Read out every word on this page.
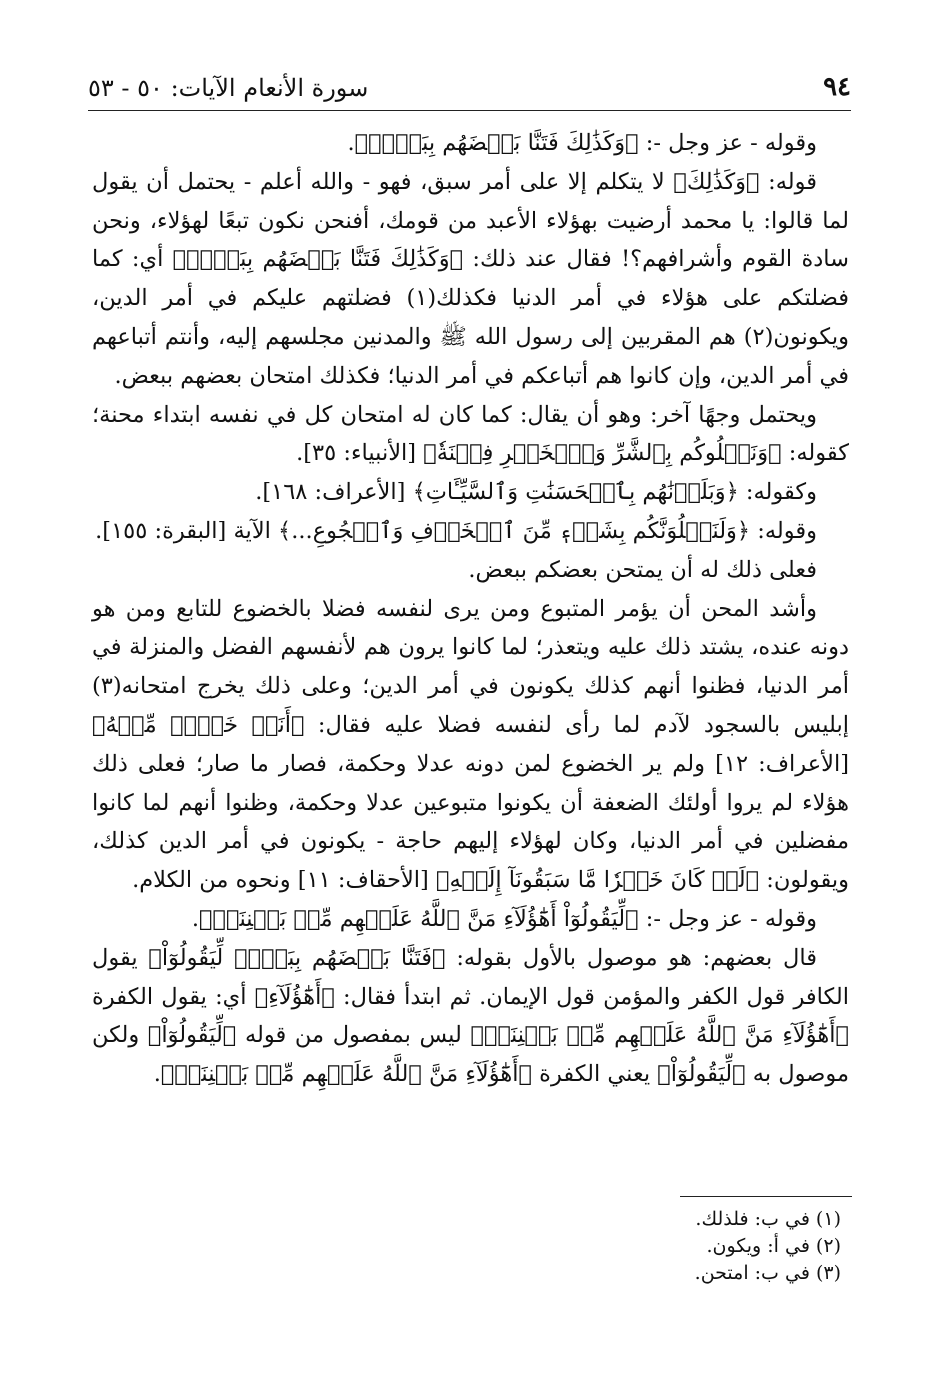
٩٤
سورة الأنعام الآيات: ٥٠ - ٥٣

وقوله - عز وجل -: ﴿وَكَذَٰلِكَ فَتَنَّا بَعۡضَهُم بِبَعۡضٖ﴾.

قوله: ﴿وَكَذَٰلِكَ﴾ لا يتكلم إلا على أمر سبق، فهو - والله أعلم - يحتمل أن يقول لما قالوا: يا محمد أرضيت بهؤلاء الأعبد من قومك، أفنحن نكون تبعًا لهؤلاء، ونحن سادة القوم وأشرافهم؟! فقال عند ذلك: ﴿وَكَذَٰلِكَ فَتَنَّا بَعۡضَهُم بِبَعۡضٖ﴾ أي: كما فضلتكم على هؤلاء في أمر الدنيا فكذلك(١) فضلتهم عليكم في أمر الدين، ويكونون(٢) هم المقربين إلى رسول الله ﷺ والمدنين مجلسهم إليه، وأنتم أتباعهم في أمر الدين، وإن كانوا هم أتباعكم في أمر الدنيا؛ فكذلك امتحان بعضهم ببعض.

ويحتمل وجهًا آخر: وهو أن يقال: كما كان له امتحان كل في نفسه ابتداء محنة؛ كقوله: ﴿وَنَبۡلُوكُم بِٱلشَّرِّ وَٱلۡخَيۡرِ فِتۡنَةٗ﴾ [الأنبياء: ٣٥].

وكقوله: ﴿وَبَلَوۡنَٰهُم بِٱلۡحَسَنَٰتِ وَٱلسَّيِّـَٔاتِ﴾ [الأعراف: ١٦٨].

وقوله: ﴿وَلَنَبۡلُوَنَّكُم بِشَيۡءٖ مِّنَ ٱلۡخَوۡفِ وَٱلۡجُوعِ...﴾ الآية [البقرة: ١٥٥].

فعلى ذلك له أن يمتحن بعضكم ببعض.

وأشد المحن أن يؤمر المتبوع ومن يرى لنفسه فضلا بالخضوع للتابع ومن هو دونه عنده، يشتد ذلك عليه ويتعذر؛ لما كانوا يرون هم لأنفسهم الفضل والمنزلة في أمر الدنيا، فظنوا أنهم كذلك يكونون في أمر الدين؛ وعلى ذلك يخرج امتحانه(٣) إبليس بالسجود لآدم لما رأى لنفسه فضلا عليه فقال: ﴿أَنَا۠ خَيۡرٞ مِّنۡهُ﴾ [الأعراف: ١٢] ولم ير الخضوع لمن دونه عدلا وحكمة، فصار ما صار؛ فعلى ذلك هؤلاء لم يروا أولئك الضعفة أن يكونوا متبوعين عدلا وحكمة، وظنوا أنهم لما كانوا مفضلين في أمر الدنيا، وكان لهؤلاء إليهم حاجة - يكونون في أمر الدين كذلك، ويقولون: ﴿لَوۡ كَانَ خَيۡرٗا مَّا سَبَقُونَآ إِلَيۡهِ﴾ [الأحقاف: ١١] ونحوه من الكلام.

وقوله - عز وجل -: ﴿لِّيَقُولُوٓاْ أَهَٰٓؤُلَآءِ مَنَّ ٱللَّهُ عَلَيۡهِم مِّنۢ بَيۡنِنَآۗ﴾.

قال بعضهم: هو موصول بالأول بقوله: ﴿فَتَنَّا بَعۡضَهُم بِبَعۡضٖ لِّيَقُولُوٓاْ﴾ يقول الكافر قول الكفر والمؤمن قول الإيمان. ثم ابتدأ فقال: ﴿أَهَٰٓؤُلَآءِ﴾ أي: يقول الكفرة ﴿أَهَٰٓؤُلَآءِ مَنَّ ٱللَّهُ عَلَيۡهِم مِّنۢ بَيۡنِنَآۗ﴾ ليس بمفصول من قوله ﴿لِّيَقُولُوٓاْ﴾ ولكن موصول به ﴿لِّيَقُولُوٓاْ﴾ يعني الكفرة ﴿أَهَٰٓؤُلَآءِ مَنَّ ٱللَّهُ عَلَيۡهِم مِّنۢ بَيۡنِنَآۗ﴾.

(١) في ب: فلذلك.
(٢) في أ: ويكون.
(٣) في ب: امتحن.
